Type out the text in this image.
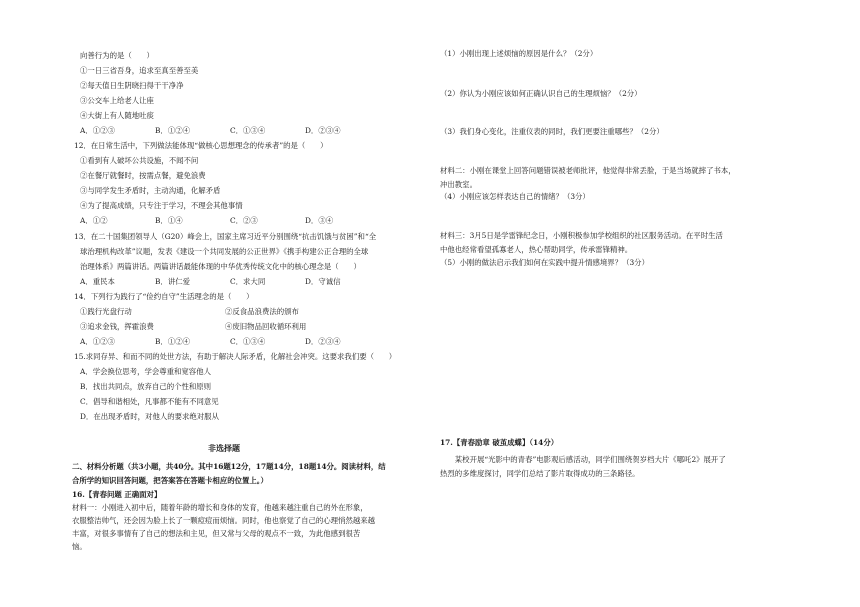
向善行为的是（　　）
①一日三省吾身，追求至真至善至美
②每天值日生阴晓扫得干干净净
③公交车上给老人让座
④大街上有人随地吐痰
A．①②③	B．①②④	C．①③④	D．②③④
12．在日常生活中，下列做法能体现“做核心思想理念的传承者”的是（　　）
①看到有人破坏公共设施，不闻不问
②在餐厅就餐时，按需点餐，避免浪费
③与同学发生矛盾时，主动沟通，化解矛盾
④为了提高成绩，只专注于学习，不理会其他事情
A．①②	B．①④	C．②③	D．③④
13．在二十国集团领导人（G20）峰会上，国家主席习近平分别围绕“抗击饥饿与贫困”和“全
球治理机构改革”议题，发表《建设一个共同发展的公正世界》《携手构建公正合理的全球
治理体系》两篇讲话。两篇讲话最能体现的中华优秀传统文化中的核心理念是（　　）
A．重民本	B．讲仁爱	C．求大同	D．守诚信
14．下列行为践行了“俭约自守”生活理念的是（　　）
①践行光盘行动	②反食品浪费法的颁布
③追求金钱，挥霍浪费	④废旧物品回收循环利用
A．①②③	B．①②④	C．①③④	D．②③④
15.求同存异、和而不同的处世方法，有助于解决人际矛盾，化解社会冲突。这要求我们要（　　）
A．学会换位思考，学会尊重和宽容他人
B．找出共同点，放弃自己的个性和原则
C．倡导和谐相处，凡事都不能有不同意见
D．在出现矛盾时，对他人的要求绝对服从
非选择题
二、材料分析题（共3小题，共40分。其中16题12分，17题14分，18题14分。阅读材料，结
合所学的知识回答问题，把答案答在答题卡相应的位置上。）
16.【青春问题 正确面对】
材料一：小刚进入初中后，随着年龄的增长和身体的发育，他越来越注重自己的外在形象，
衣服整洁帅气，还会因为脸上长了一颗痘痘而烦恼。同时，他也察觉了自己的心理悄然越来越
丰富，对很多事情有了自己的想法和主见，但又常与父母的观点不一致，为此他感到很苦
恼。
（1）小刚出现上述烦恼的原因是什么？（2分）
（2）你认为小刚应该如何正确认识自己的生理烦恼？（2分）
（3）我们身心变化，注重仪表的同时，我们更要注重哪些？（2分）
材料二：小刚在课堂上回答问题错误被老师批评，他觉得非常丢脸，于是当场就摔了书本，
冲出教室。
（4）小刚应该怎样表达自己的情绪？（3分）
材料三：3月5日是学雷锋纪念日，小刚积极参加学校组织的社区服务活动。在平时生活
中他也经常看望孤寡老人，热心帮助同学，传承雷锋精神。
（5）小刚的做法启示我们如何在实践中提升情感境界？（3分）
17.【青春励章 破茧成蝶】（14分）
　　某校开展“光影中的青春”电影观后感活动，同学们围绕贺岁档大片《哪吒2》展开了
热烈的多维度探讨，同学们总结了影片取得成功的三条路径。
